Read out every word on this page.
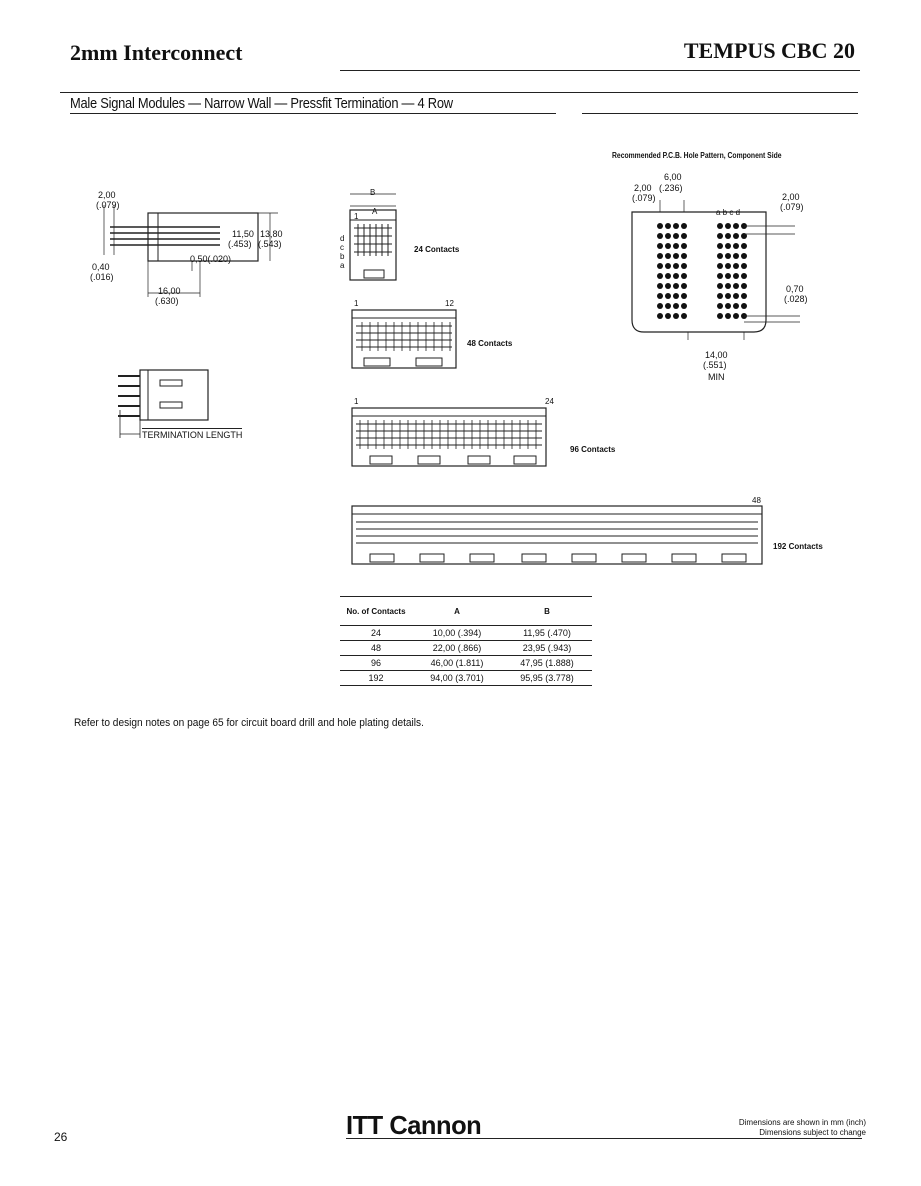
2mm Interconnect	TEMPUS CBC 20
Male Signal Modules — Narrow Wall — Pressfit Termination — 4 Row
2,00
(.079)
0,40
(.016)
11,50
(.453)
13,80
(.543)
0,50(.020)
16,00
(.630)
TERMINATION LENGTH
B
A
1
d
c
b
a
24 Contacts
1	12
48 Contacts
1	24
96 Contacts
48
192 Contacts
Recommended P.C.B. Hole Pattern, Component Side
6,00
2,00 (.236)
(.079)
a b c d
2,00
(.079)
0,70
(.028)
14,00
(.551)
MIN
No. of Contacts	A	B
24	10,00 (.394)	11,95 (.470)
48	22,00 (.866)	23,95 (.943)
96	46,00 (1.811)	47,95 (1.888)
192	94,00 (3.701)	95,95 (3.778)
Refer to design notes on page 65 for circuit board drill and hole plating details.
26	ITT Cannon	Dimensions are shown in mm (inch)
Dimensions subject to change
